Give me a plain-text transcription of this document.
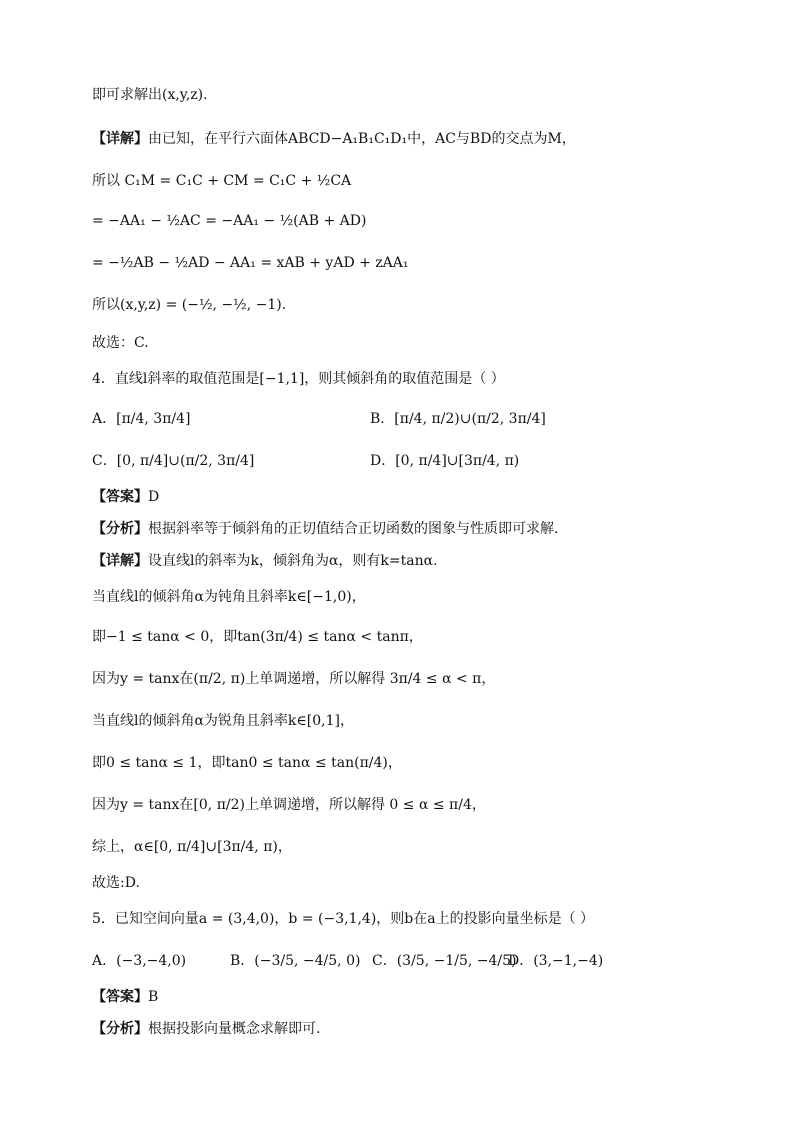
即可求解出(x,y,z).
【详解】由已知，在平行六面体ABCD−A₁B₁C₁D₁中，AC与BD的交点为M，
所以 C₁M = C₁C + CM = C₁C + ½CA
= −AA₁ − ½AC = −AA₁ − ½(AB + AD)
= −½AB − ½AD − AA₁ = xAB + yAD + zAA₁
所以(x,y,z) = (−½, −½, −1).
故选：C.
4．直线l斜率的取值范围是[−1,1]，则其倾斜角的取值范围是（ ）
A．[π/4, 3π/4]	B．[π/4, π/2)∪(π/2, 3π/4]
C．[0, π/4]∪(π/2, 3π/4]	D．[0, π/4]∪[3π/4, π)
【答案】D
【分析】根据斜率等于倾斜角的正切值结合正切函数的图象与性质即可求解.
【详解】设直线l的斜率为k，倾斜角为α，则有k=tanα.
当直线l的倾斜角α为钝角且斜率k∈[−1,0)，
即−1 ≤ tanα < 0，即tan(3π/4) ≤ tanα < tanπ，
因为y = tanx在(π/2, π)上单调递增，所以解得 3π/4 ≤ α < π，
当直线l的倾斜角α为锐角且斜率k∈[0,1]，
即0 ≤ tanα ≤ 1，即tan0 ≤ tanα ≤ tan(π/4)，
因为y = tanx在[0, π/2)上单调递增，所以解得 0 ≤ α ≤ π/4，
综上，α∈[0, π/4]∪[3π/4, π)，
故选:D.
5．已知空间向量a = (3,4,0)，b = (−3,1,4)，则b在a上的投影向量坐标是（ ）
A．(−3,−4,0)	B．(−3/5, −4/5, 0) C．(3/5, −1/5, −4/5)
D．(3,−1,−4)
【答案】B
【分析】根据投影向量概念求解即可.
